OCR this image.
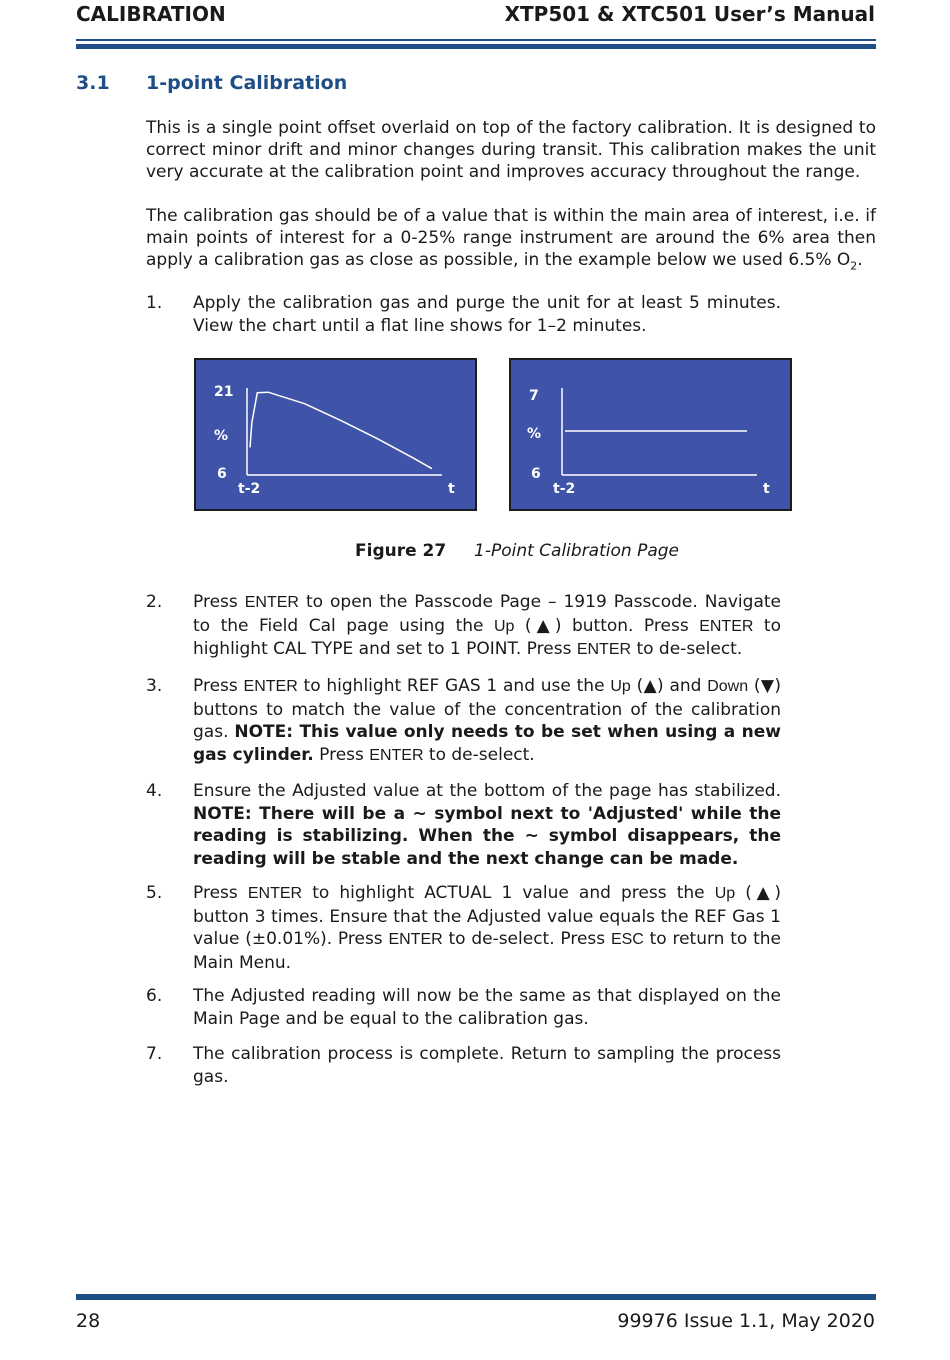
CALIBRATION	XTP501 & XTC501 User’s Manual
3.1 1-point Calibration
This is a single point offset overlaid on top of the factory calibration. It is designed to correct minor drift and minor changes during transit. This calibration makes the unit very accurate at the calibration point and improves accuracy throughout the range.
The calibration gas should be of a value that is within the main area of interest, i.e. if main points of interest for a 0-25% range instrument are around the 6% area then apply a calibration gas as close as possible, in the example below we used 6.5% $O_2$.
1. Apply the calibration gas and purge the unit for at least 5 minutes. View the chart until a flat line shows for 1–2 minutes.
21
%
6
t-2	t
7
%
6
t-2	t
Figure 27 1-Point Calibration Page
2. Press ENTER to open the Passcode Page – 1919 Passcode. Navigate to the Field Cal page using the Up (▲) button. Press ENTER to highlight CAL TYPE and set to 1 POINT. Press ENTER to de-select.
3. Press ENTER to highlight REF GAS 1 and use the Up (▲) and Down (▼) buttons to match the value of the concentration of the calibration gas. NOTE: This value only needs to be set when using a new gas cylinder. Press ENTER to de-select.
4. Ensure the Adjusted value at the bottom of the page has stabilized. NOTE: There will be a ~ symbol next to 'Adjusted' while the reading is stabilizing. When the ~ symbol disappears, the reading will be stable and the next change can be made.
5. Press ENTER to highlight ACTUAL 1 value and press the Up (▲) button 3 times. Ensure that the Adjusted value equals the REF Gas 1 value (±0.01%). Press ENTER to de-select. Press ESC to return to the Main Menu.
6. The Adjusted reading will now be the same as that displayed on the Main Page and be equal to the calibration gas.
7. The calibration process is complete. Return to sampling the process gas.
28	99976 Issue 1.1, May 2020
